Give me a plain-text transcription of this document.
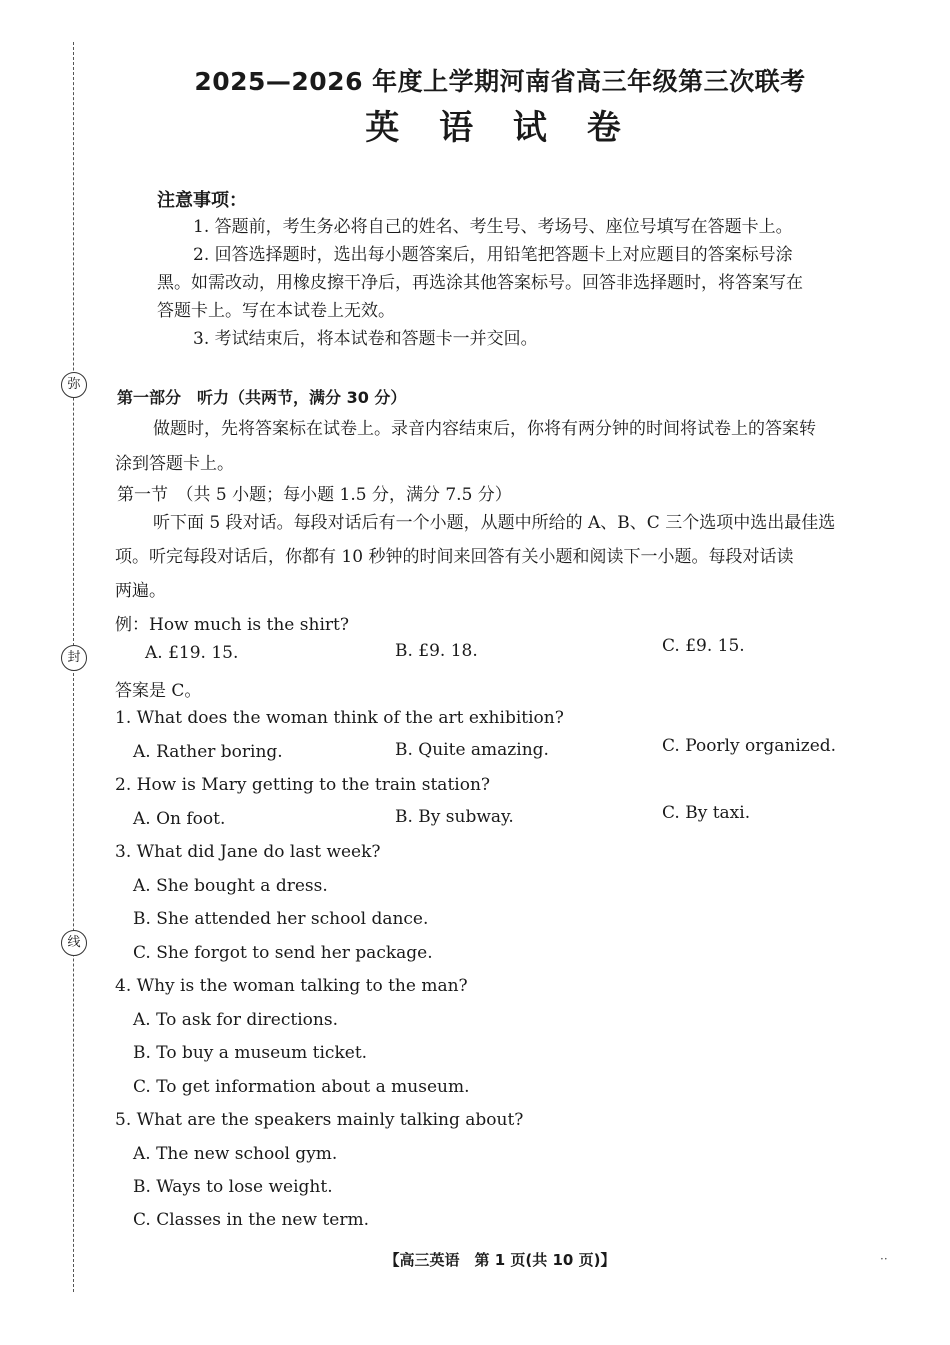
弥
封
线
2025—2026 年度上学期河南省高三年级第三次联考
英 语 试 卷
注意事项：
1. 答题前，考生务必将自己的姓名、考生号、考场号、座位号填写在答题卡上。
2. 回答选择题时，选出每小题答案后，用铅笔把答题卡上对应题目的答案标号涂
黑。如需改动，用橡皮擦干净后，再选涂其他答案标号。回答非选择题时，将答案写在
答题卡上。写在本试卷上无效。
3. 考试结束后，将本试卷和答题卡一并交回。
第一部分　听力（共两节，满分 30 分）
做题时，先将答案标在试卷上。录音内容结束后，你将有两分钟的时间将试卷上的答案转
涂到答题卡上。
第一节　（共 5 小题；每小题 1.5 分，满分 7.5 分）
听下面 5 段对话。每段对话后有一个小题，从题中所给的 A、B、C 三个选项中选出最佳选
项。听完每段对话后，你都有 10 秒钟的时间来回答有关小题和阅读下一小题。每段对话读
两遍。
例：How much is the shirt?
A. £19. 15.	B. £9. 18.	C. £9. 15.
答案是 C。
1. What does the woman think of the art exhibition?
A. Rather boring.	B. Quite amazing.	C. Poorly organized.
2. How is Mary getting to the train station?
A. On foot.	B. By subway.	C. By taxi.
3. What did Jane do last week?
A. She bought a dress.
B. She attended her school dance.
C. She forgot to send her package.
4. Why is the woman talking to the man?
A. To ask for directions.
B. To buy a museum ticket.
C. To get information about a museum.
5. What are the speakers mainly talking about?
A. The new school gym.
B. Ways to lose weight.
C. Classes in the new term.
【高三英语　第 1 页(共 10 页)】	··
